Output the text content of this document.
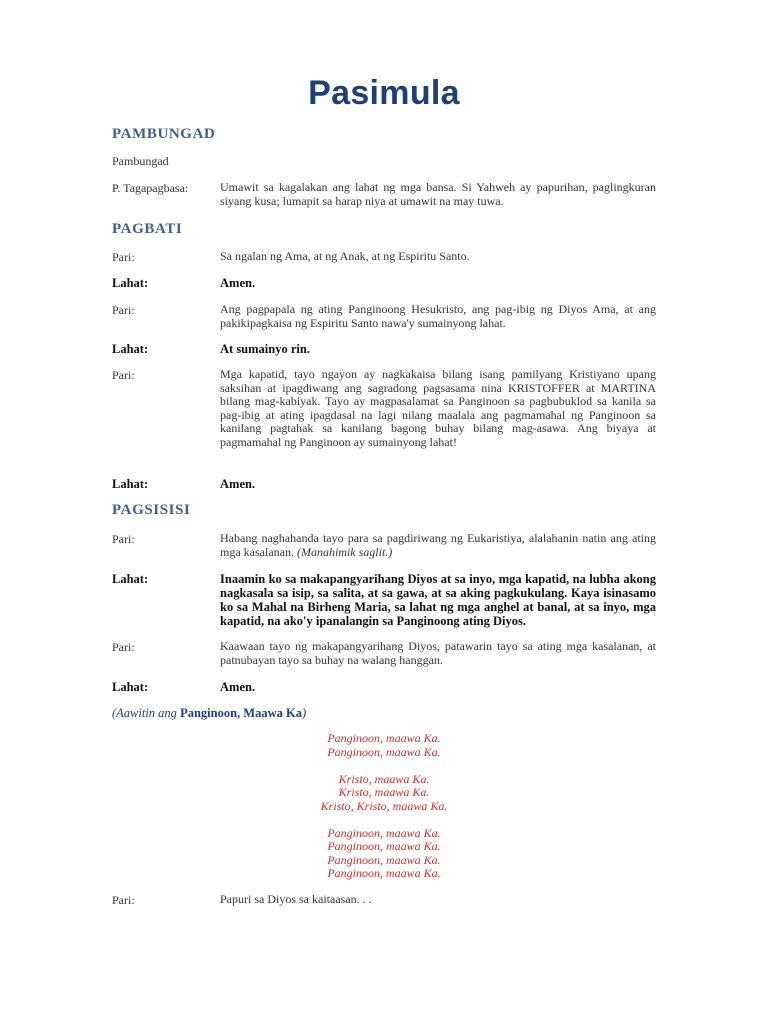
Pasimula
PAMBUNGAD
Pambungad
P. Tagapagbasa:	Umawit sa kagalakan ang lahat ng mga bansa. Si Yahweh ay papurihan, paglingkuran siyang kusa; lumapit sa harap niya at umawit na may tuwa.
PAGBATI
Pari:	Sa ngalan ng Ama, at ng Anak, at ng Espiritu Santo.
Lahat:	Amen.
Pari:	Ang pagpapala ng ating Panginoong Hesukristo, ang pag-ibig ng Diyos Ama, at ang pakikipagkaisa ng Espiritu Santo nawa'y sumainyong lahat.
Lahat:	At sumainyo rin.
Pari:	Mga kapatid, tayo ngayon ay nagkakaisa bilang isang pamilyang Kristiyano upang saksihan at ipagdiwang ang sagradong pagsasama nina KRISTOFFER at MARTINA bilang mag-kabiyak. Tayo ay magpasalamat sa Panginoon sa pagbubuklod sa kanila sa pag-ibig at ating ipagdasal na lagi nilang maalala ang pagmamahal ng Panginoon sa kanilang pagtahak sa kanilang bagong buhay bilang mag-asawa. Ang biyaya at pagmamahal ng Panginoon ay sumainyong lahat!
Lahat:	Amen.
PAGSISISI
Pari:	Habang naghahanda tayo para sa pagdiriwang ng Eukaristiya, alalahanin natin ang ating mga kasalanan. (Manahimik saglit.)
Lahat:	Inaamin ko sa makapangyarihang Diyos at sa inyo, mga kapatid, na lubha akong nagkasala sa isip, sa salita, at sa gawa, at sa aking pagkukulang. Kaya isinasamo ko sa Mahal na Birheng Maria, sa lahat ng mga anghel at banal, at sa inyo, mga kapatid, na ako'y ipanalangin sa Panginoong ating Diyos.
Pari:	Kaawaan tayo ng makapangyarihang Diyos, patawarin tayo sa ating mga kasalanan, at patnubayan tayo sa buhay na walang hanggan.
Lahat:	Amen.
(Aawitin ang Panginoon, Maawa Ka)
Panginoon, maawa Ka.
Panginoon, maawa Ka.
Kristo, maawa Ka.
Kristo, maawa Ka.
Kristo, Kristo, maawa Ka.
Panginoon, maawa Ka.
Panginoon, maawa Ka.
Panginoon, maawa Ka.
Panginoon, maawa Ka.
Pari:	Papuri sa Diyos sa kaitaasan. . .
